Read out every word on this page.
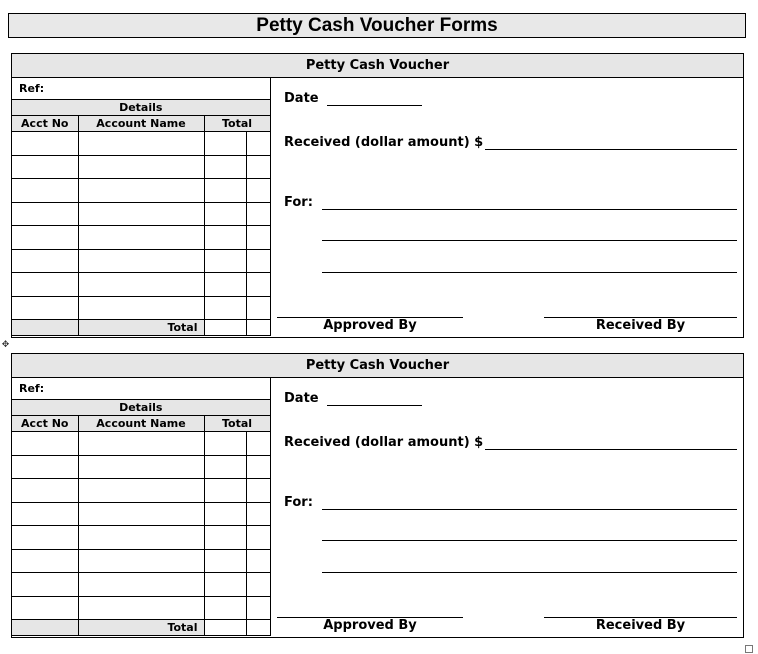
Petty Cash Voucher Forms
Petty Cash Voucher
Ref:			
Details			
Acct No	Account Name	Total	

	Total		
Date
Received (dollar amount) $
For:
Approved By	Received By
✥
Petty Cash Voucher
Ref:			
Details			
Acct No	Account Name	Total	

	Total		
Date
Received (dollar amount) $
For:
Approved By	Received By
